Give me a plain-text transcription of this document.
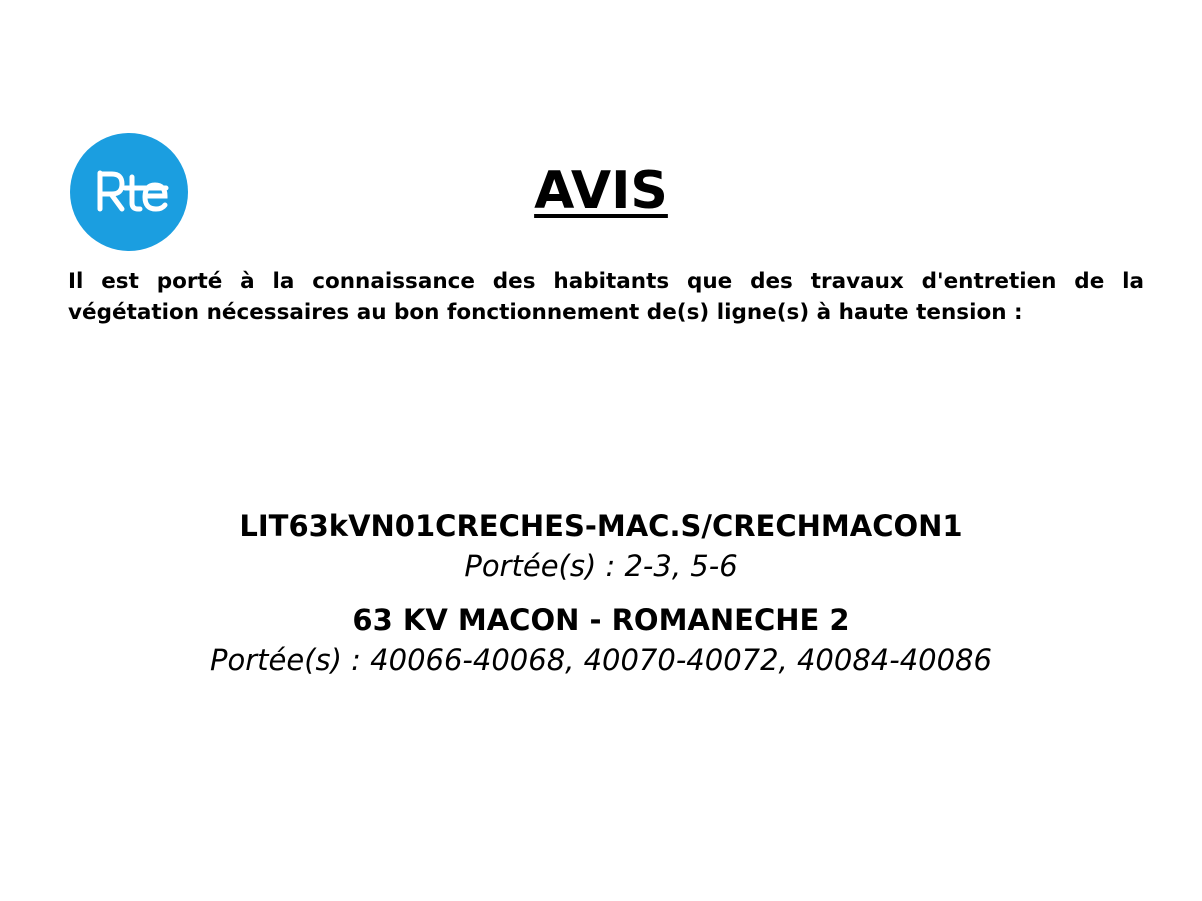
AVIS

Il est porté à la connaissance des habitants que des travaux d'entretien de la végétation nécessaires au bon fonctionnement de(s) ligne(s) à haute tension :

LIT63kVN01CRECHES-MAC.S/CRECHMACON1

Portée(s) : 2-3, 5-6

63 KV MACON - ROMANECHE 2

Portée(s) : 40066-40068, 40070-40072, 40084-40086
